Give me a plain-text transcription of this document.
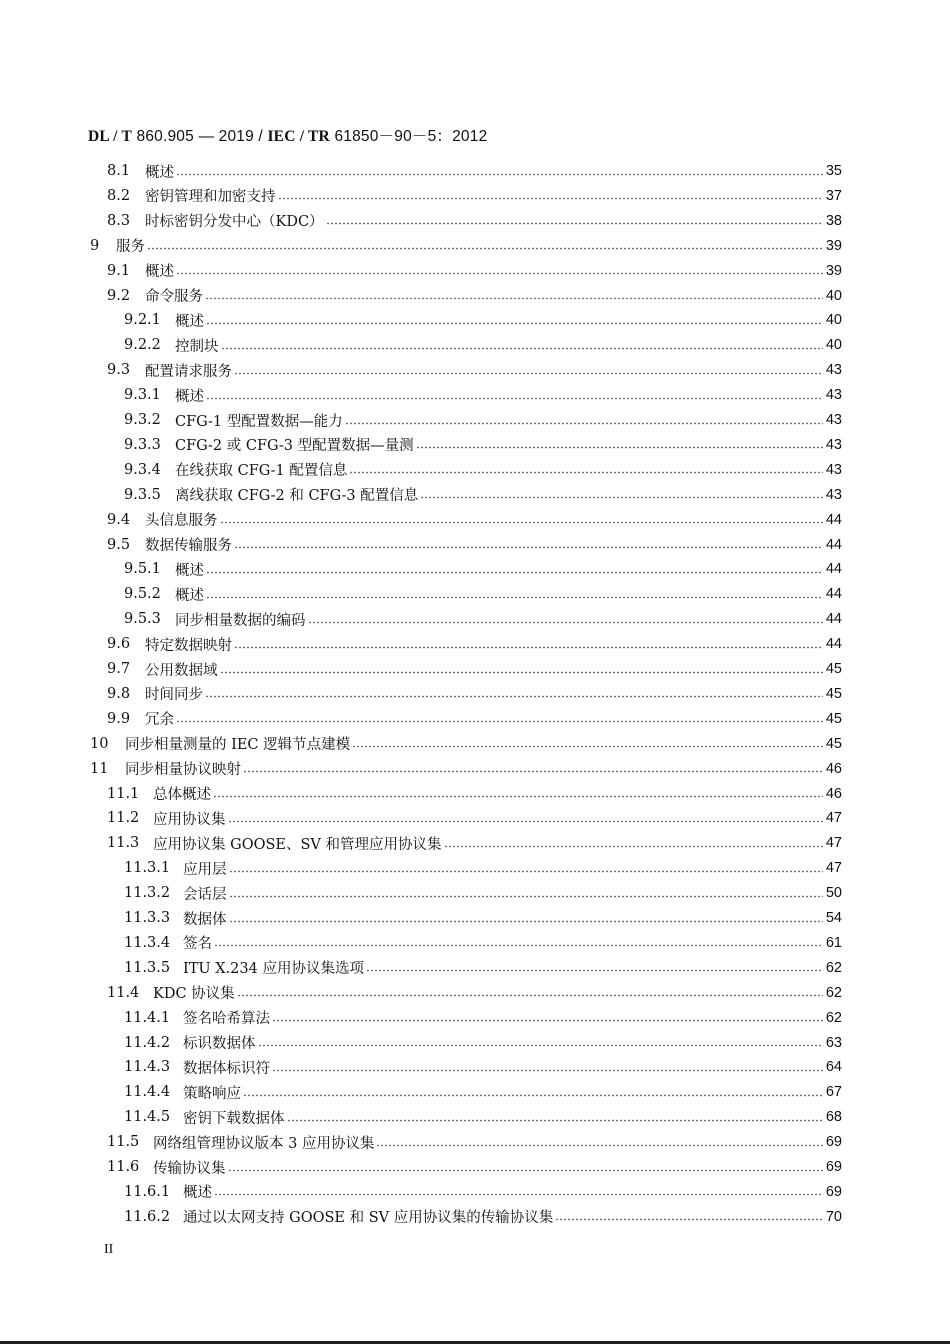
DL / T 860.905 — 2019 / IEC / TR 61850－90－5：2012
8.1	概述	35
8.2	密钥管理和加密支持	37
8.3	时标密钥分发中心（KDC）	38
9	服务	39
9.1	概述	39
9.2	命令服务	40
9.2.1 概述	40
9.2.2 控制块	40
9.3	配置请求服务	43
9.3.1 概述	43
9.3.2 CFG-1 型配置数据—能力	43
9.3.3 CFG-2 或 CFG-3 型配置数据—量测	43
9.3.4 在线获取 CFG-1 配置信息	43
9.3.5 离线获取 CFG-2 和 CFG-3 配置信息	43
9.4	头信息服务	44
9.5	数据传输服务	44
9.5.1 概述	44
9.5.2 概述	44
9.5.3 同步相量数据的编码	44
9.6	特定数据映射	44
9.7	公用数据域	45
9.8	时间同步	45
9.9	冗余	45
10	同步相量测量的 IEC 逻辑节点建模	45
11	同步相量协议映射	46
11.1 总体概述	46
11.2 应用协议集	47
11.3 应用协议集 GOOSE、SV 和管理应用协议集	47
11.3.1 应用层	47
11.3.2 会话层	50
11.3.3 数据体	54
11.3.4 签名	61
11.3.5 ITU X.234 应用协议集选项	62
11.4 KDC 协议集	62
11.4.1 签名哈希算法	62
11.4.2 标识数据体	63
11.4.3 数据体标识符	64
11.4.4 策略响应	67
11.4.5 密钥下载数据体	68
11.5 网络组管理协议版本 3 应用协议集	69
11.6 传输协议集	69
11.6.1 概述	69
11.6.2 通过以太网支持 GOOSE 和 SV 应用协议集的传输协议集	70
II
